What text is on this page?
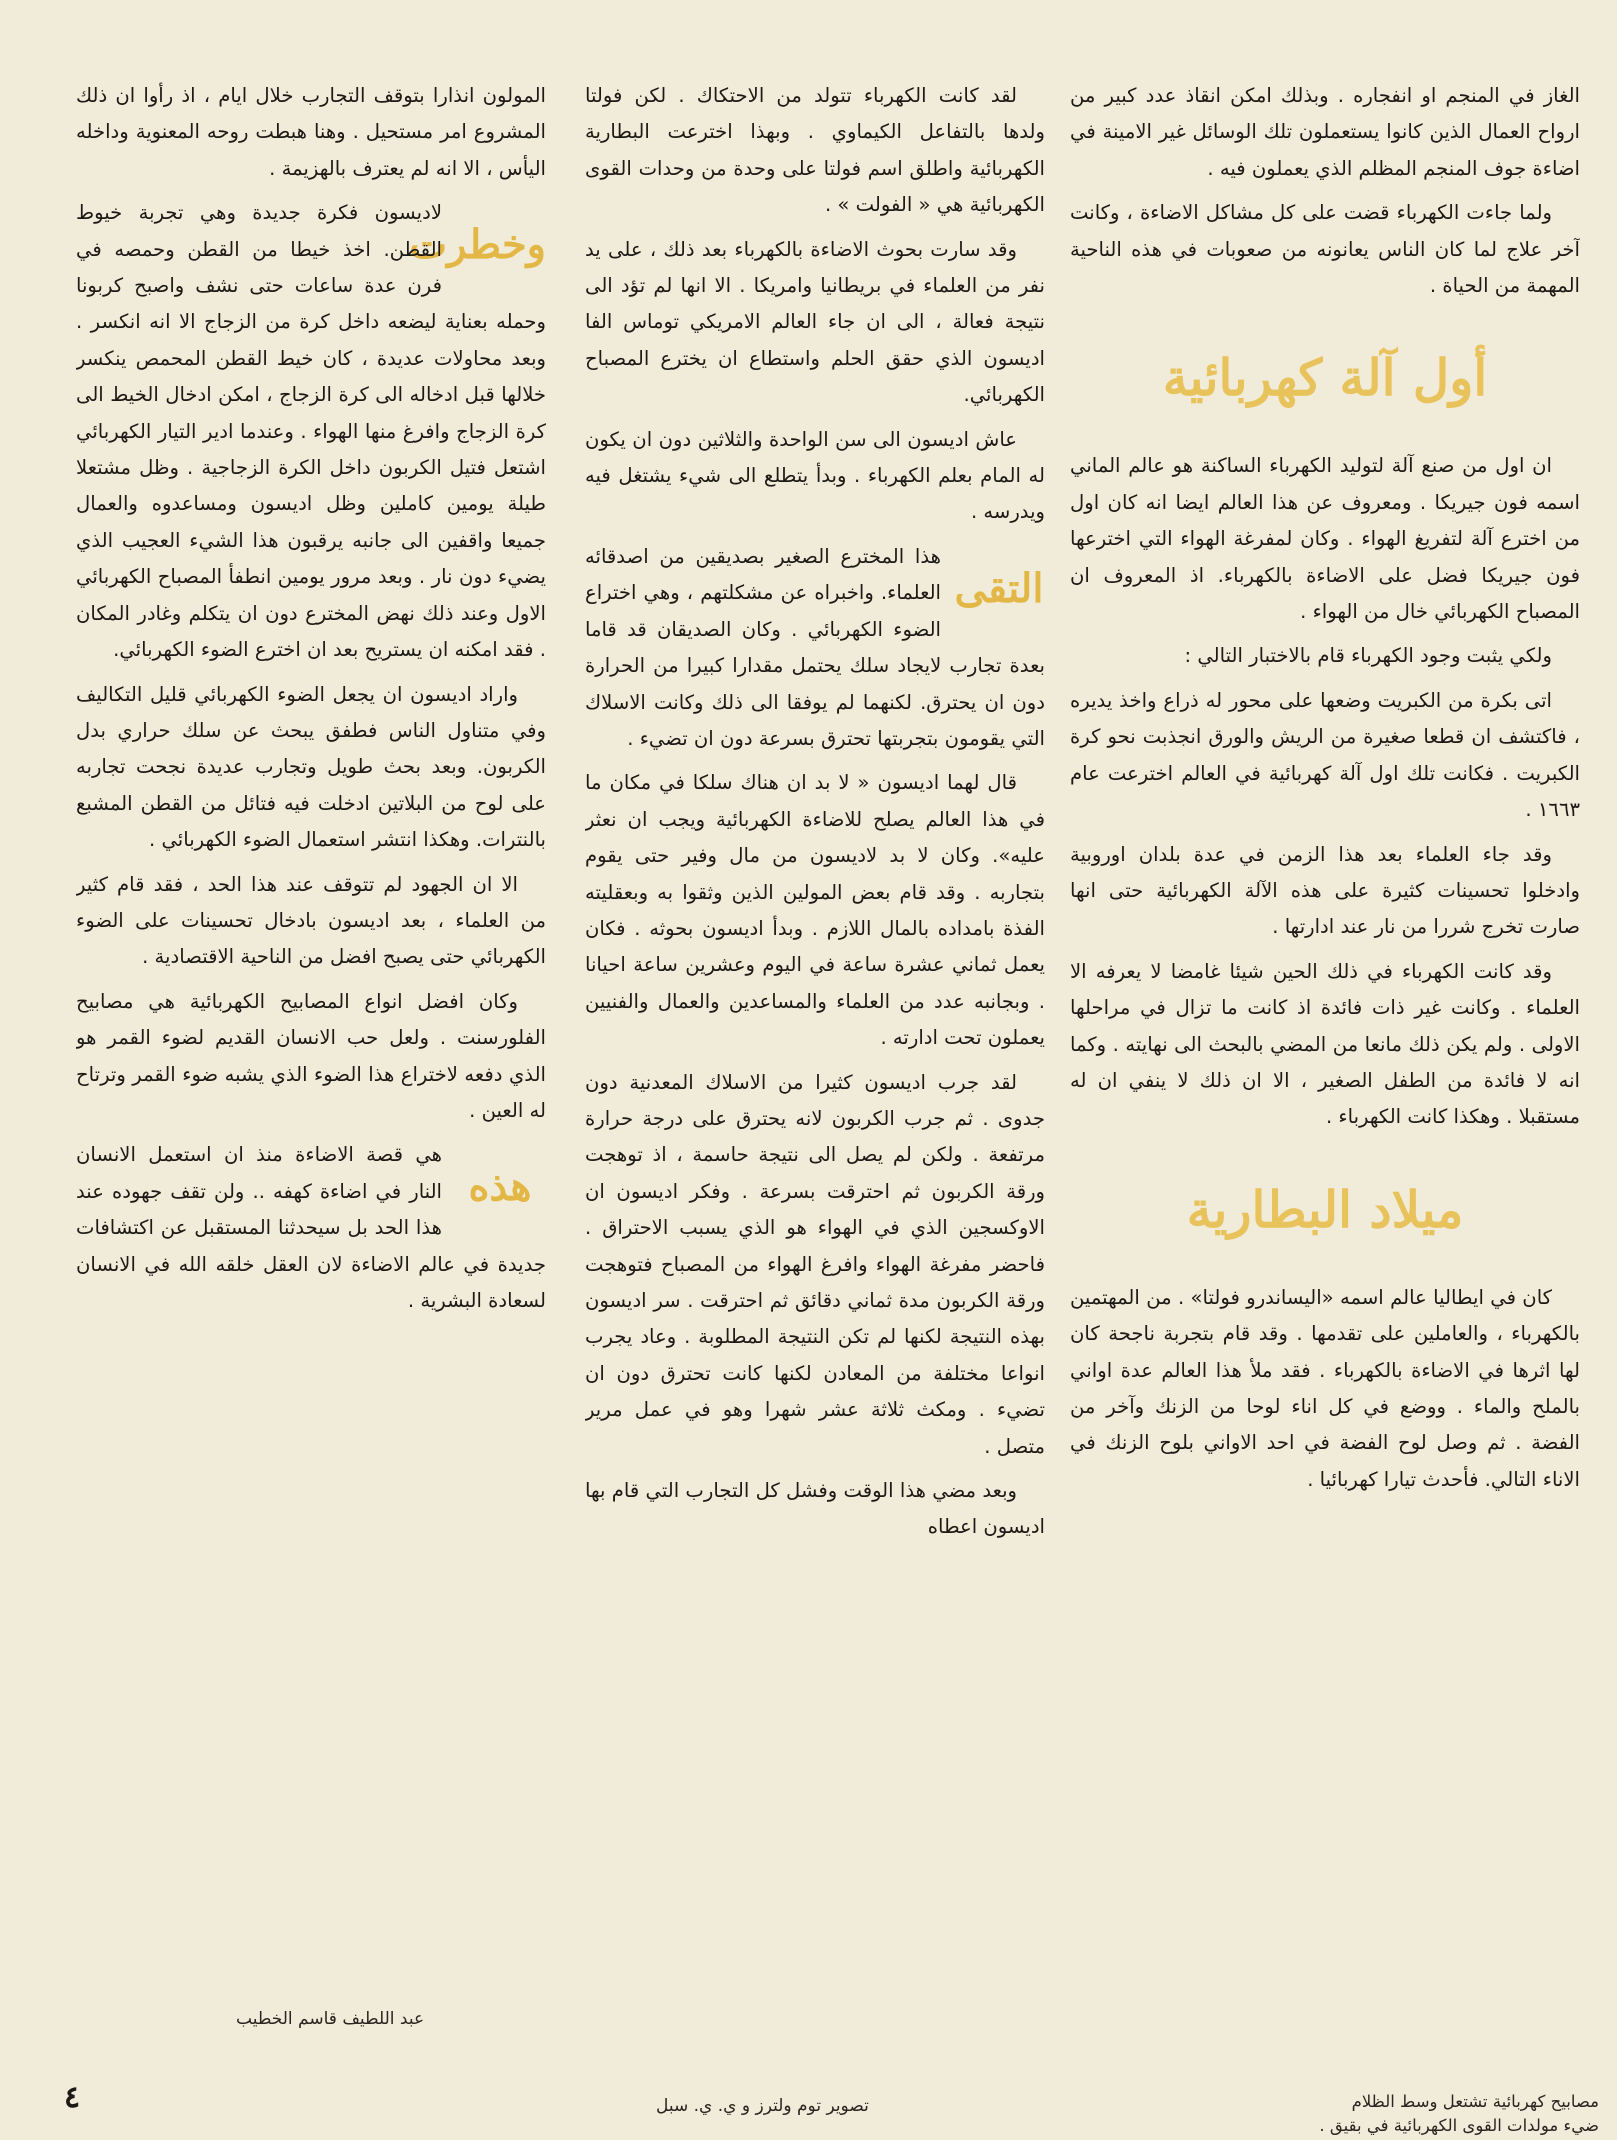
الغاز في المنجم او انفجاره . وبذلك امكن انقاذ عدد كبير من ارواح العمال الذين كانوا يستعملون تلك الوسائل غير الامينة في اضاءة جوف المنجم المظلم الذي يعملون فيه .

ولما جاءت الكهرباء قضت على كل مشاكل الاضاءة ، وكانت آخر علاج لما كان الناس يعانونه من صعوبات في هذه الناحية المهمة من الحياة .

أول آلة كهربائية

ان اول من صنع آلة لتوليد الكهرباء الساكنة هو عالم الماني اسمه فون جيريكا . ومعروف عن هذا العالم ايضا انه كان اول من اخترع آلة لتفريغ الهواء . وكان لمفرغة الهواء التي اخترعها فون جيريكا فضل على الاضاءة بالكهرباء. اذ المعروف ان المصباح الكهربائي خال من الهواء .

ولكي يثبت وجود الكهرباء قام بالاختبار التالي :

اتى بكرة من الكبريت وضعها على محور له ذراع واخذ يديره ، فاكتشف ان قطعا صغيرة من الريش والورق انجذبت نحو كرة الكبريت . فكانت تلك اول آلة كهربائية في العالم اخترعت عام ١٦٦٣ .

وقد جاء العلماء بعد هذا الزمن في عدة بلدان اوروبية وادخلوا تحسينات كثيرة على هذه الآلة الكهربائية حتى انها صارت تخرج شررا من نار عند ادارتها .

وقد كانت الكهرباء في ذلك الحين شيئا غامضا لا يعرفه الا العلماء . وكانت غير ذات فائدة اذ كانت ما تزال في مراحلها الاولى . ولم يكن ذلك مانعا من المضي بالبحث الى نهايته . وكما انه لا فائدة من الطفل الصغير ، الا ان ذلك لا ينفي ان له مستقبلا . وهكذا كانت الكهرباء .

ميلاد البطارية

كان في ايطاليا عالم اسمه «اليساندرو فولتا» . من المهتمين بالكهرباء ، والعاملين على تقدمها . وقد قام بتجربة ناجحة كان لها اثرها في الاضاءة بالكهرباء . فقد ملأ هذا العالم عدة اواني بالملح والماء . ووضع في كل اناء لوحا من الزنك وآخر من الفضة . ثم وصل لوح الفضة في احد الاواني بلوح الزنك في الاناء التالي. فأحدث تيارا كهربائيا .

لقد كانت الكهرباء تتولد من الاحتكاك . لكن فولتا ولدها بالتفاعل الكيماوي . وبهذا اخترعت البطارية الكهربائية واطلق اسم فولتا على وحدة من وحدات القوى الكهربائية هي « الفولت » .

وقد سارت بحوث الاضاءة بالكهرباء بعد ذلك ، على يد نفر من العلماء في بريطانيا وامريكا . الا انها لم تؤد الى نتيجة فعالة ، الى ان جاء العالم الامريكي توماس الفا اديسون الذي حقق الحلم واستطاع ان يخترع المصباح الكهربائي.

عاش اديسون الى سن الواحدة والثلاثين دون ان يكون له المام بعلم الكهرباء . وبدأ يتطلع الى شيء يشتغل فيه ويدرسه .

التقى

هذا المخترع الصغير بصديقين من اصدقائه العلماء. واخبراه عن مشكلتهم ، وهي اختراع الضوء الكهربائي . وكان الصديقان قد قاما بعدة تجارب لايجاد سلك يحتمل مقدارا كبيرا من الحرارة دون ان يحترق. لكنهما لم يوفقا الى ذلك وكانت الاسلاك التي يقومون بتجربتها تحترق بسرعة دون ان تضيء .

قال لهما اديسون « لا بد ان هناك سلكا في مكان ما في هذا العالم يصلح للاضاءة الكهربائية ويجب ان نعثر عليه». وكان لا بد لاديسون من مال وفير حتى يقوم بتجاربه . وقد قام بعض المولين الذين وثقوا به وبعقليته الفذة بامداده بالمال اللازم . وبدأ اديسون بحوثه . فكان يعمل ثماني عشرة ساعة في اليوم وعشرين ساعة احيانا . وبجانبه عدد من العلماء والمساعدين والعمال والفنيين يعملون تحت ادارته .

لقد جرب اديسون كثيرا من الاسلاك المعدنية دون جدوى . ثم جرب الكربون لانه يحترق على درجة حرارة مرتفعة . ولكن لم يصل الى نتيجة حاسمة ، اذ توهجت ورقة الكربون ثم احترقت بسرعة . وفكر اديسون ان الاوكسجين الذي في الهواء هو الذي يسبب الاحتراق . فاحضر مفرغة الهواء وافرغ الهواء من المصباح فتوهجت ورقة الكربون مدة ثماني دقائق ثم احترقت . سر اديسون بهذه النتيجة لكنها لم تكن النتيجة المطلوبة . وعاد يجرب انواعا مختلفة من المعادن لكنها كانت تحترق دون ان تضيء . ومكث ثلاثة عشر شهرا وهو في عمل مرير متصل .

وبعد مضي هذا الوقت وفشل كل التجارب التي قام بها اديسون اعطاه

المولون انذارا بتوقف التجارب خلال ايام ، اذ رأوا ان ذلك المشروع امر مستحيل . وهنا هبطت روحه المعنوية وداخله اليأس ، الا انه لم يعترف بالهزيمة .

وخطرت

لاديسون فكرة جديدة وهي تجربة خيوط القطن. اخذ خيطا من القطن وحمصه في فرن عدة ساعات حتى نشف واصبح كربونا وحمله بعناية ليضعه داخل كرة من الزجاج الا انه انكسر . وبعد محاولات عديدة ، كان خيط القطن المحمص ينكسر خلالها قبل ادخاله الى كرة الزجاج ، امكن ادخال الخيط الى كرة الزجاج وافرغ منها الهواء . وعندما ادير التيار الكهربائي اشتعل فتيل الكربون داخل الكرة الزجاجية . وظل مشتعلا طيلة يومين كاملين وظل اديسون ومساعدوه والعمال جميعا واقفين الى جانبه يرقبون هذا الشيء العجيب الذي يضيء دون نار . وبعد مرور يومين انطفأ المصباح الكهربائي الاول وعند ذلك نهض المخترع دون ان يتكلم وغادر المكان . فقد امكنه ان يستريح بعد ان اخترع الضوء الكهربائي.

واراد اديسون ان يجعل الضوء الكهربائي قليل التكاليف وفي متناول الناس فطفق يبحث عن سلك حراري بدل الكربون. وبعد بحث طويل وتجارب عديدة نجحت تجاربه على لوح من البلاتين ادخلت فيه فتائل من القطن المشبع بالنترات. وهكذا انتشر استعمال الضوء الكهربائي .

الا ان الجهود لم تتوقف عند هذا الحد ، فقد قام كثير من العلماء ، بعد اديسون بادخال تحسينات على الضوء الكهربائي حتى يصبح افضل من الناحية الاقتصادية .

وكان افضل انواع المصابيح الكهربائية هي مصابيح الفلورسنت . ولعل حب الانسان القديم لضوء القمر هو الذي دفعه لاختراع هذا الضوء الذي يشبه ضوء القمر وترتاح له العين .

هذه

هي قصة الاضاءة منذ ان استعمل الانسان النار في اضاءة كهفه .. ولن تقف جهوده عند هذا الحد بل سيحدثنا المستقبل عن اكتشافات جديدة في عالم الاضاءة لان العقل خلقه الله في الانسان لسعادة البشرية .

عبد اللطيف قاسم الخطيب
٤	تصوير توم ولترز و ي. ي. سبل	مصابيح كهربائية تشتعل وسط الظلام
ضيء مولدات القوى الكهربائية في بقيق .
